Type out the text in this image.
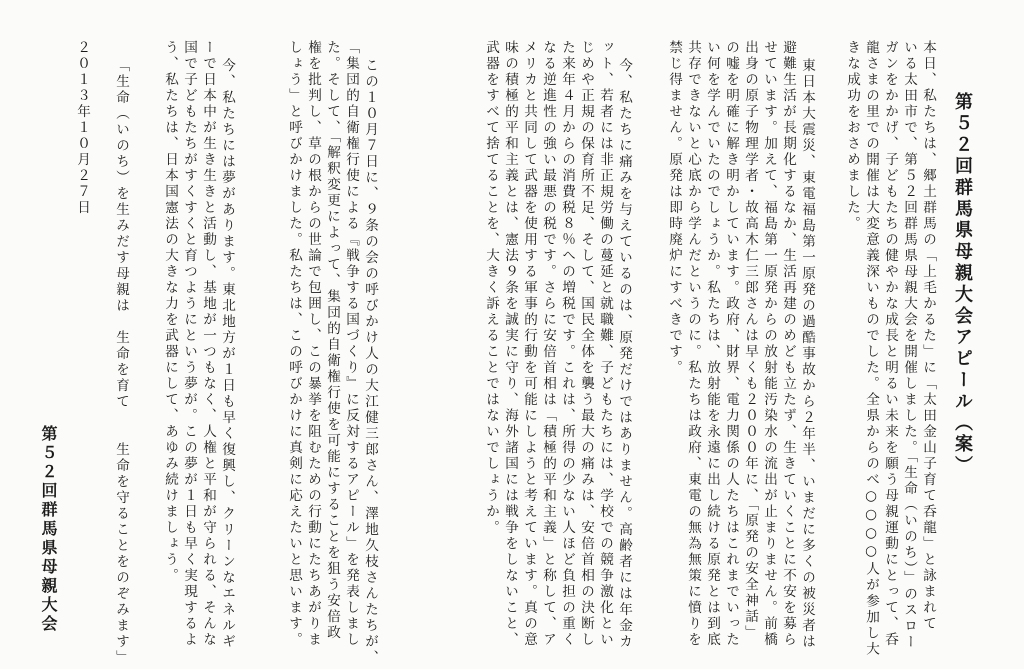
第５２回群馬県母親大会アピール（案）
本日、私たちは、郷土群馬の「上毛かるた」に「太田金山子育て呑龍」と詠まれて
いる太田市で、第５２回群馬県母親大会を開催しました。「生命（いのち）」のスロー
ガンをかかげ、子どもたちの健やかな成長と明るい未来を願う母親運動にとって、呑
龍さまの里での開催は大変意義深いものでした。全県からのべ○○○○人が参加し大
きな成功をおさめました。
東日本大震災、東電福島第一原発の過酷事故から２年半、いまだに多くの被災者は
避難生活が長期化するなか、生活再建のめども立たず、生きていくことに不安を募ら
せています。加えて、福島第一原発からの放射能汚染水の流出が止まりません。前橋
出身の原子物理学者・故高木仁三郎さんは早くも２０００年に、「原発の安全神話」
の嘘を明確に解き明かしています。政府、財界、電力関係の人たちはこれまでいった
い何を学んでいたのでしょうか。私たちは、放射能を永遠に出し続ける原発とは到底
共存できないと心底から学んだというのに。私たちは政府、東電の無為無策に憤りを
禁じ得ません。原発は即時廃炉にすべきです。
今、私たちに痛みを与えているのは、原発だけではありません。高齢者には年金カ
ット、若者には非正規労働の蔓延と就職難、子どもたちには、学校での競争激化とい
じめや正規の保育所不足、そして、国民全体を襲う最大の痛みは、安倍首相の決断し
た来年４月からの消費税８％への増税です。これは、所得の少ない人ほど負担の重く
なる逆進性の強い最悪の税です。さらに安倍首相は「積極的平和主義」と称して、ア
メリカと共同して武器を使用する軍事的行動を可能にしようと考えています。真の意
味の積極的平和主義とは、憲法９条を誠実に守り、海外諸国には戦争をしないこと、
武器をすべて捨てることを、大きく訴えることではないでしょうか。
この１０月７日に、９条の会の呼びかけ人の大江健三郎さん、澤地久枝さんたちが、
「集団的自衛権行使による『戦争する国づくり』に反対するアピール」を発表しまし
た。そして、「解釈変更によって、集団的自衛権行使を可能にすることを狙う安倍政
権を批判し、草の根からの世論で包囲し、この暴挙を阻むための行動にたちあがりま
しょう」と呼びかけました。私たちは、この呼びかけに真剣に応えたいと思います。
今、私たちには夢があります。東北地方が１日も早く復興し、クリーンなエネルギ
ーで日本中が生き生きと活動し、基地が一つもなく、人権と平和が守られる、そんな
国で子どもたちがすくすくと育つようにという夢が。この夢が１日も早く実現するよ
う、私たちは、日本国憲法の大きな力を武器にして、あゆみ続けましょう。
「生命（いのち）を生みだす母親は　生命を育て　　生命を守ることをのぞみます」
２０１３年１０月２７日
第５２回群馬県母親大会
